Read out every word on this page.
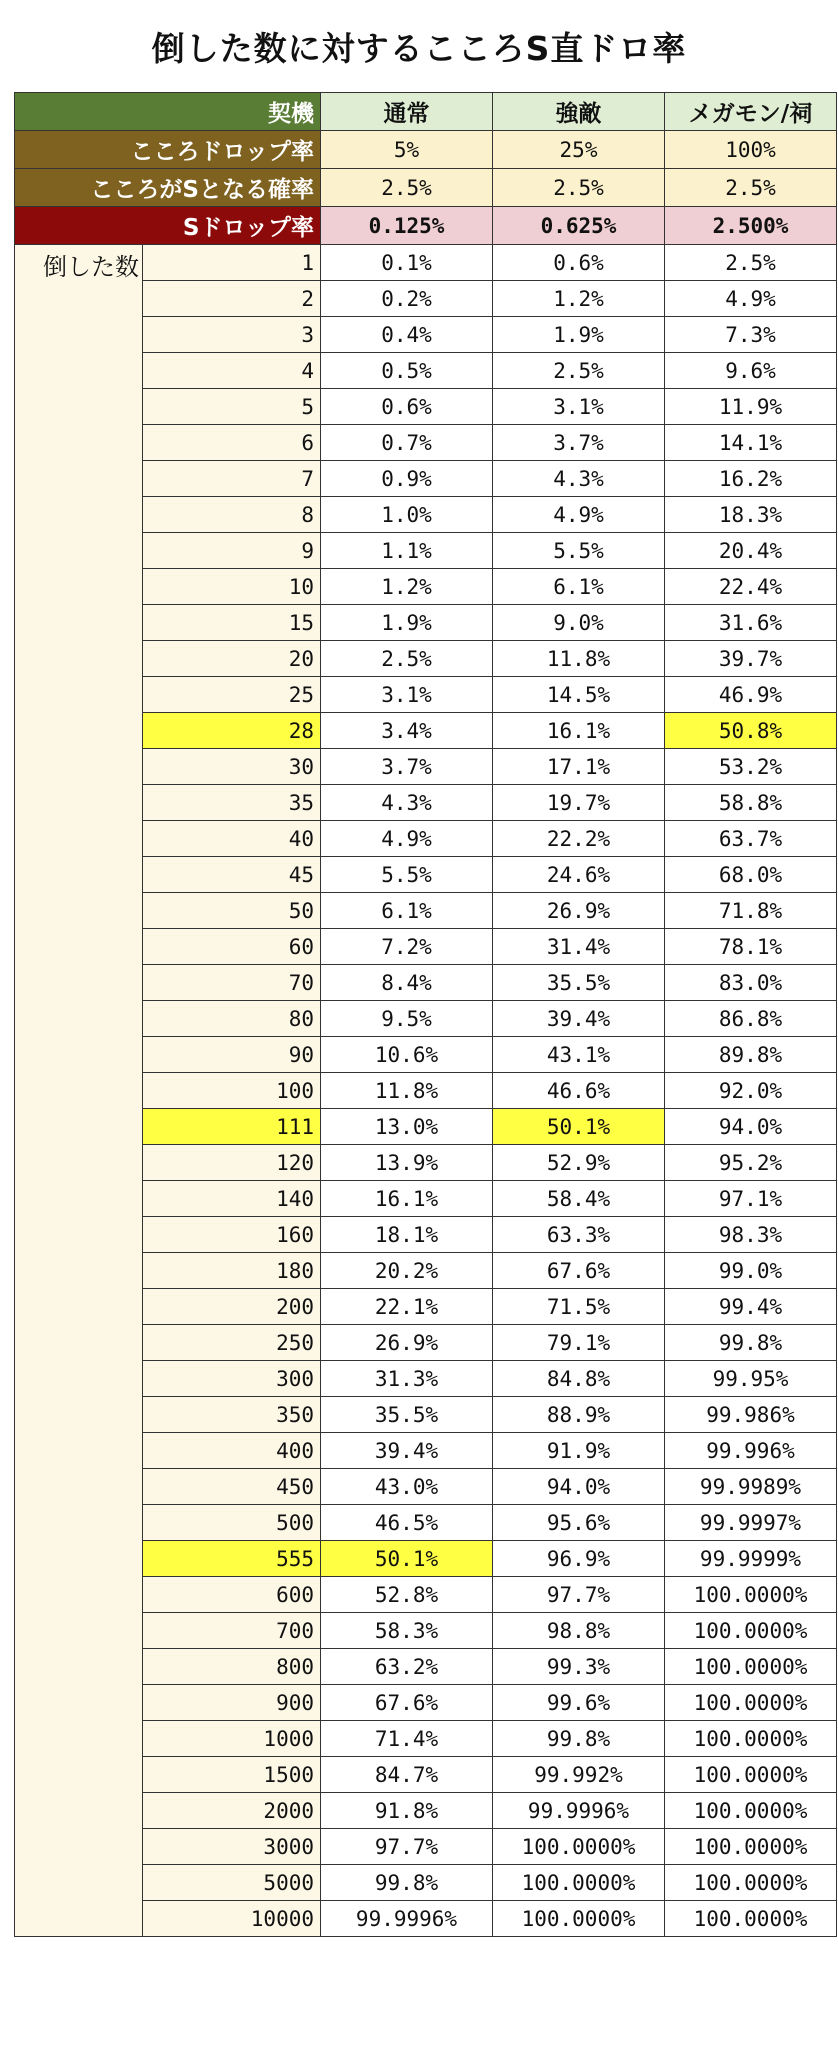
倒した数に対するこころS直ドロ率
契機		通常	強敵	メガモン/祠
こころドロップ率		5%	25%	100%
こころがSとなる確率		2.5%	2.5%	2.5%
Sドロップ率		0.125%	0.625%	2.500%
倒した数	1	0.1%	0.6%	2.5%
	2	0.2%	1.2%	4.9%
	3	0.4%	1.9%	7.3%
	4	0.5%	2.5%	9.6%
	5	0.6%	3.1%	11.9%
	6	0.7%	3.7%	14.1%
	7	0.9%	4.3%	16.2%
	8	1.0%	4.9%	18.3%
	9	1.1%	5.5%	20.4%
	10	1.2%	6.1%	22.4%
	15	1.9%	9.0%	31.6%
	20	2.5%	11.8%	39.7%
	25	3.1%	14.5%	46.9%
	28	3.4%	16.1%	50.8%
	30	3.7%	17.1%	53.2%
	35	4.3%	19.7%	58.8%
	40	4.9%	22.2%	63.7%
	45	5.5%	24.6%	68.0%
	50	6.1%	26.9%	71.8%
	60	7.2%	31.4%	78.1%
	70	8.4%	35.5%	83.0%
	80	9.5%	39.4%	86.8%
	90	10.6%	43.1%	89.8%
	100	11.8%	46.6%	92.0%
	111	13.0%	50.1%	94.0%
	120	13.9%	52.9%	95.2%
	140	16.1%	58.4%	97.1%
	160	18.1%	63.3%	98.3%
	180	20.2%	67.6%	99.0%
	200	22.1%	71.5%	99.4%
	250	26.9%	79.1%	99.8%
	300	31.3%	84.8%	99.95%
	350	35.5%	88.9%	99.986%
	400	39.4%	91.9%	99.996%
	450	43.0%	94.0%	99.9989%
	500	46.5%	95.6%	99.9997%
	555	50.1%	96.9%	99.9999%
	600	52.8%	97.7%	100.0000%
	700	58.3%	98.8%	100.0000%
	800	63.2%	99.3%	100.0000%
	900	67.6%	99.6%	100.0000%
	1000	71.4%	99.8%	100.0000%
	1500	84.7%	99.992%	100.0000%
	2000	91.8%	99.9996%	100.0000%
	3000	97.7%	100.0000%	100.0000%
	5000	99.8%	100.0000%	100.0000%
	10000	99.9996%	100.0000%	100.0000%
